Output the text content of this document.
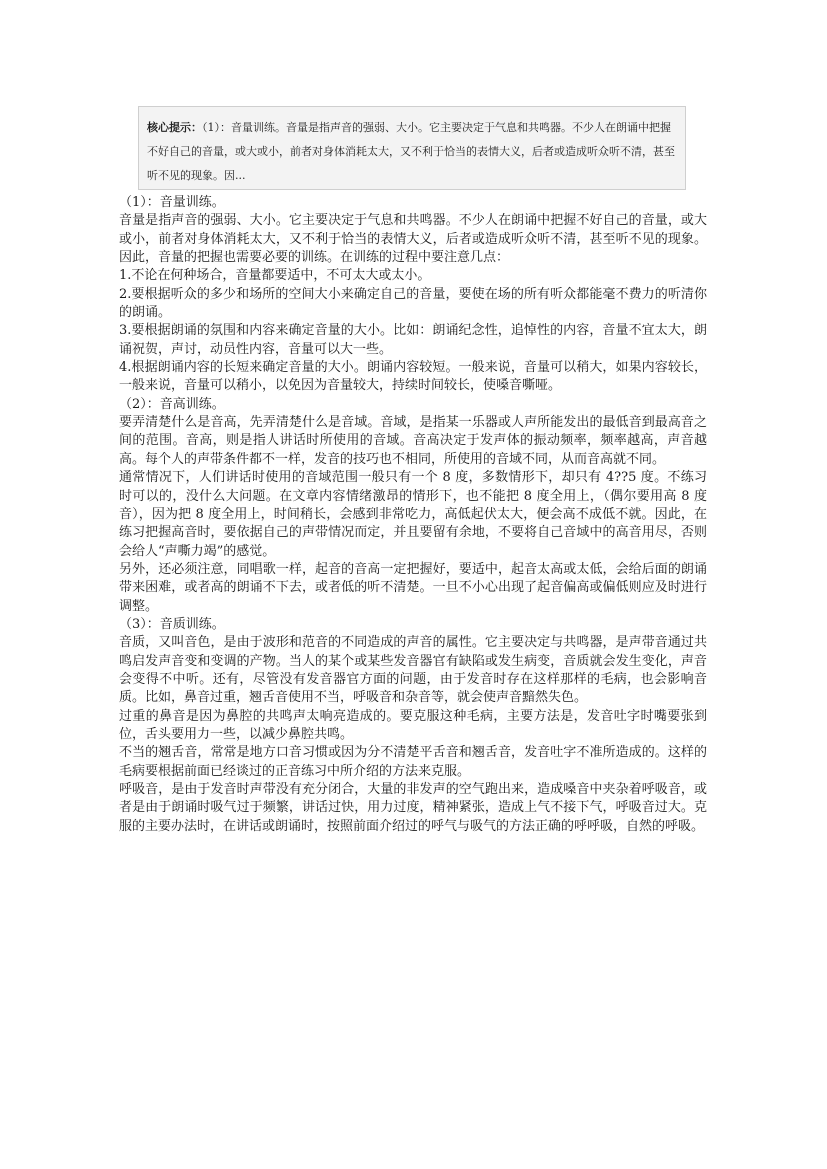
核心提示：（1）：音量训练。音量是指声音的强弱、大小。它主要决定于气息和共鸣器。不少人在朗诵中把握不好自己的音量，或大或小，前者对身体消耗太大，又不利于恰当的表情大义，后者或造成听众听不清，甚至听不见的现象。因...

（1）：音量训练。

音量是指声音的强弱、大小。它主要决定于气息和共鸣器。不少人在朗诵中把握不好自己的音量，或大或小，前者对身体消耗太大，又不利于恰当的表情大义，后者或造成听众听不清，甚至听不见的现象。因此，音量的把握也需要必要的训练。在训练的过程中要注意几点：

1.不论在何种场合，音量都要适中，不可太大或太小。

2.要根据听众的多少和场所的空间大小来确定自己的音量，要使在场的所有听众都能毫不费力的听清你的朗诵。

3.要根据朗诵的氛围和内容来确定音量的大小。比如：朗诵纪念性，追悼性的内容，音量不宜太大，朗诵祝贺，声讨，动员性内容，音量可以大一些。

4.根据朗诵内容的长短来确定音量的大小。朗诵内容较短。一般来说，音量可以稍大，如果内容较长，一般来说，音量可以稍小，以免因为音量较大，持续时间较长，使嗓音嘶哑。

（2）：音高训练。

要弄清楚什么是音高，先弄清楚什么是音域。音域，是指某一乐器或人声所能发出的最低音到最高音之间的范围。音高，则是指人讲话时所使用的音域。音高决定于发声体的振动频率，频率越高，声音越高。每个人的声带条件都不一样，发音的技巧也不相同，所使用的音域不同，从而音高就不同。

通常情况下，人们讲话时使用的音域范围一般只有一个 8 度，多数情形下，却只有 4??5 度。不练习时可以的，没什么大问题。在文章内容情绪激昂的情形下，也不能把 8 度全用上，（偶尔要用高 8 度音），因为把 8 度全用上，时间稍长，会感到非常吃力，高低起伏太大，便会高不成低不就。因此，在练习把握高音时，要依据自己的声带情况而定，并且要留有余地，不要将自己音域中的高音用尽，否则会给人“声嘶力竭”的感觉。

另外，还必须注意，同唱歌一样，起音的音高一定把握好，要适中，起音太高或太低，会给后面的朗诵带来困难，或者高的朗诵不下去，或者低的听不清楚。一旦不小心出现了起音偏高或偏低则应及时进行调整。

（3）：音质训练。

音质，又叫音色，是由于波形和范音的不同造成的声音的属性。它主要决定与共鸣器，是声带音通过共鸣启发声音变和变调的产物。当人的某个或某些发音器官有缺陷或发生病变，音质就会发生变化，声音会变得不中听。还有，尽管没有发音器官方面的问题，由于发音时存在这样那样的毛病，也会影响音质。比如，鼻音过重，翘舌音使用不当，呼吸音和杂音等，就会使声音黯然失色。

过重的鼻音是因为鼻腔的共鸣声太响亮造成的。要克服这种毛病，主要方法是，发音吐字时嘴要张到位，舌头要用力一些，以减少鼻腔共鸣。

不当的翘舌音，常常是地方口音习惯或因为分不清楚平舌音和翘舌音，发音吐字不准所造成的。这样的毛病要根据前面已经谈过的正音练习中所介绍的方法来克服。

呼吸音，是由于发音时声带没有充分闭合，大量的非发声的空气跑出来，造成嗓音中夹杂着呼吸音，或者是由于朗诵时吸气过于频繁，讲话过快，用力过度，精神紧张，造成上气不接下气，呼吸音过大。克服的主要办法时，在讲话或朗诵时，按照前面介绍过的呼气与吸气的方法正确的呼呼吸，自然的呼吸。
